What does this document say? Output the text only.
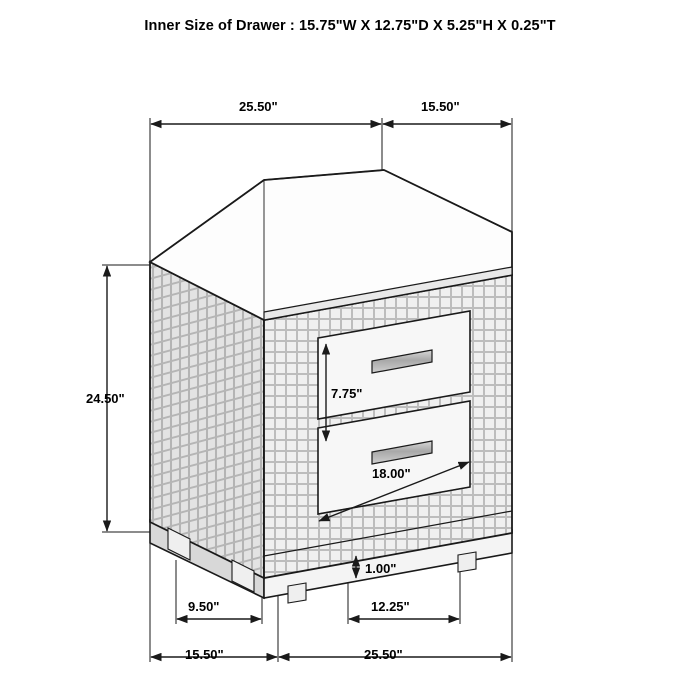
Inner Size of Drawer : 15.75"W X 12.75"D X 5.25"H X 0.25"T
25.50"	15.50"
24.50"	7.75"
18.00"
1.00"
9.50"	12.25"
15.50"	25.50"
